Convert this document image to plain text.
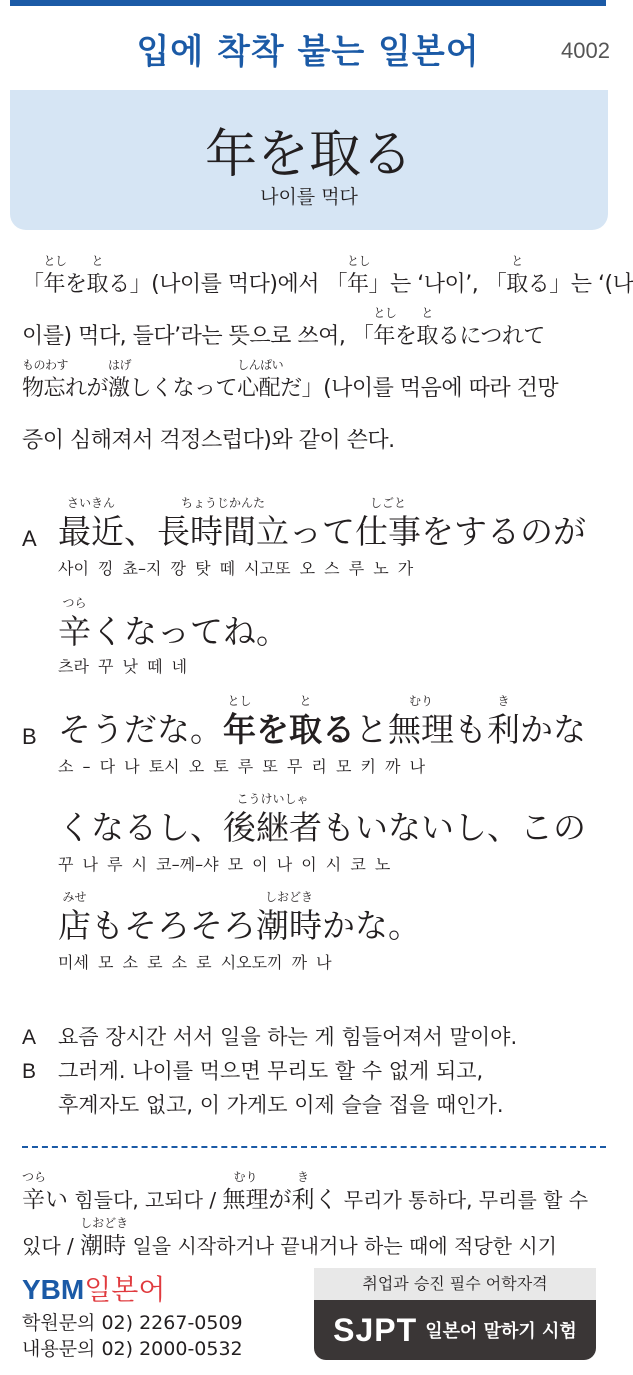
입에 착착 붙는 일본어	4002
年を取る
나이를 먹다
「
とし
年を
と
取る」(나이를 먹다)에서 「
とし
年」는 ‘나이’, 「
と
取る」는 ‘(나
이를) 먹다, 들다’라는 뜻으로 쓰여, 「
とし
年を
と
取るにつれて
ものわす
物忘れが
はげ
激しくなって
しんぱい
心配だ」(나이를 먹음에 따라 건망
증이 심해져서 걱정스럽다)와 같이 쓴다.
A
さいきん
最近、
ちょうじかんた
長時間立って
しごと
仕事をするのが
사이 낑 쵸–지 깡 탓 떼 시고또 오 스 루 노 가
つら
辛くなってね。
츠라 꾸 낫 떼 네
B そうだな。
とし
年を
と
取ると
むり
無理も
き
利かな
소 – 다 나 토시 오 토 루 또 무 리 모 키 까 나
くなるし、
こうけいしゃ
後継者もいないし、この
꾸 나 루 시 코–께–샤 모 이 나 이 시 코 노
みせ
店もそろそろ
しおどき
潮時かな。
미세 모 소 로 소 로 시오도끼 까 나
A 요즘 장시간 서서 일을 하는 게 힘들어져서 말이야.
B 그러게. 나이를 먹으면 무리도 할 수 없게 되고,
후계자도 없고, 이 가게도 이제 슬슬 접을 때인가.
つら
辛い 힘들다, 고되다 /
むり
無理が
き
利く 무리가 통하다, 무리를 할 수
있다 /
しおどき
潮時 일을 시작하거나 끝내거나 하는 때에 적당한 시기
YBM일본어
학원문의 02) 2267-0509
내용문의 02) 2000-0532
취업과 승진 필수 어학자격
SJPT 일본어 말하기 시험
